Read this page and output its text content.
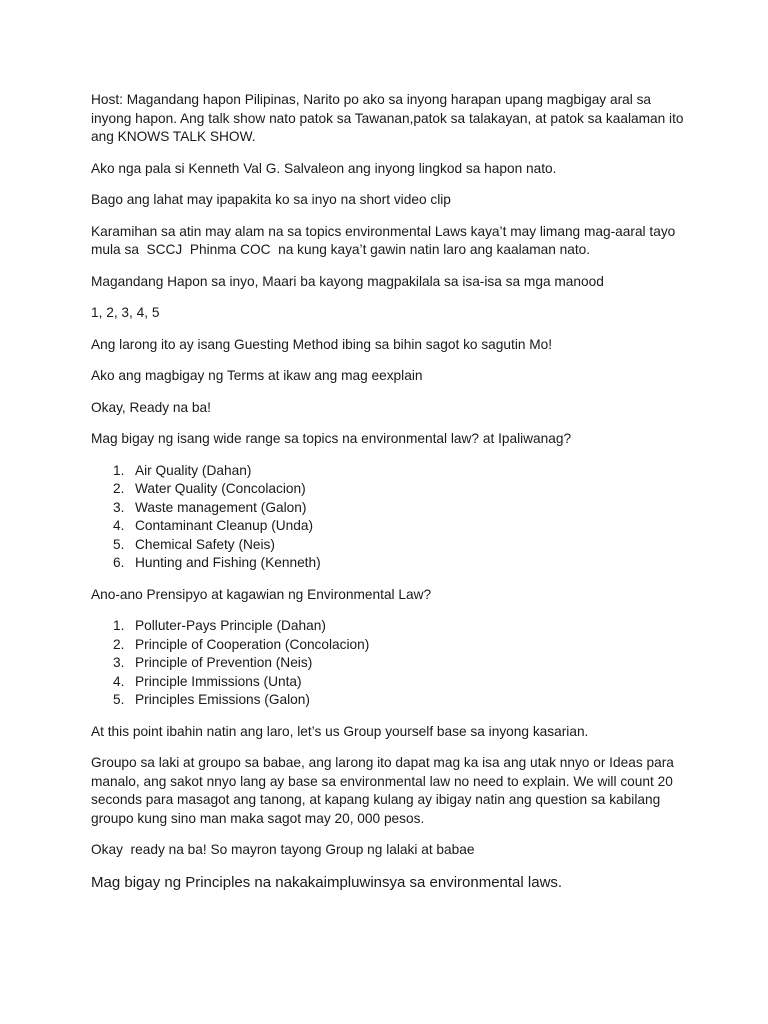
Host: Magandang hapon Pilipinas, Narito po ako sa inyong harapan upang magbigay aral sa inyong hapon. Ang talk show nato patok sa Tawanan,patok sa talakayan, at patok sa kaalaman ito ang KNOWS TALK SHOW.

Ako nga pala si Kenneth Val G. Salvaleon ang inyong lingkod sa hapon nato.

Bago ang lahat may ipapakita ko sa inyo na short video clip

Karamihan sa atin may alam na sa topics environmental Laws kaya’t may limang mag-aaral tayo mula sa  SCCJ  Phinma COC  na kung kaya’t gawin natin laro ang kaalaman nato.

Magandang Hapon sa inyo, Maari ba kayong magpakilala sa isa-isa sa mga manood

1, 2, 3, 4, 5

Ang larong ito ay isang Guesting Method ibing sa bihin sagot ko sagutin Mo!

Ako ang magbigay ng Terms at ikaw ang mag eexplain

Okay, Ready na ba!

Mag bigay ng isang wide range sa topics na environmental law? at Ipaliwanag?

1. Air Quality (Dahan)
2. Water Quality (Concolacion)
3. Waste management (Galon)
4. Contaminant Cleanup (Unda)
5. Chemical Safety (Neis)
6. Hunting and Fishing (Kenneth)

Ano-ano Prensipyo at kagawian ng Environmental Law?

1. Polluter-Pays Principle (Dahan)
2. Principle of Cooperation (Concolacion)
3. Principle of Prevention (Neis)
4. Principle Immissions (Unta)
5. Principles Emissions (Galon)

At this point ibahin natin ang laro, let’s us Group yourself base sa inyong kasarian.

Groupo sa laki at groupo sa babae, ang larong ito dapat mag ka isa ang utak nnyo or Ideas para manalo, ang sakot nnyo lang ay base sa environmental law no need to explain. We will count 20 seconds para masagot ang tanong, at kapang kulang ay ibigay natin ang question sa kabilang groupo kung sino man maka sagot may 20, 000 pesos.

Okay  ready na ba! So mayron tayong Group ng lalaki at babae

Mag bigay ng Principles na nakakaimpluwinsya sa environmental laws.
